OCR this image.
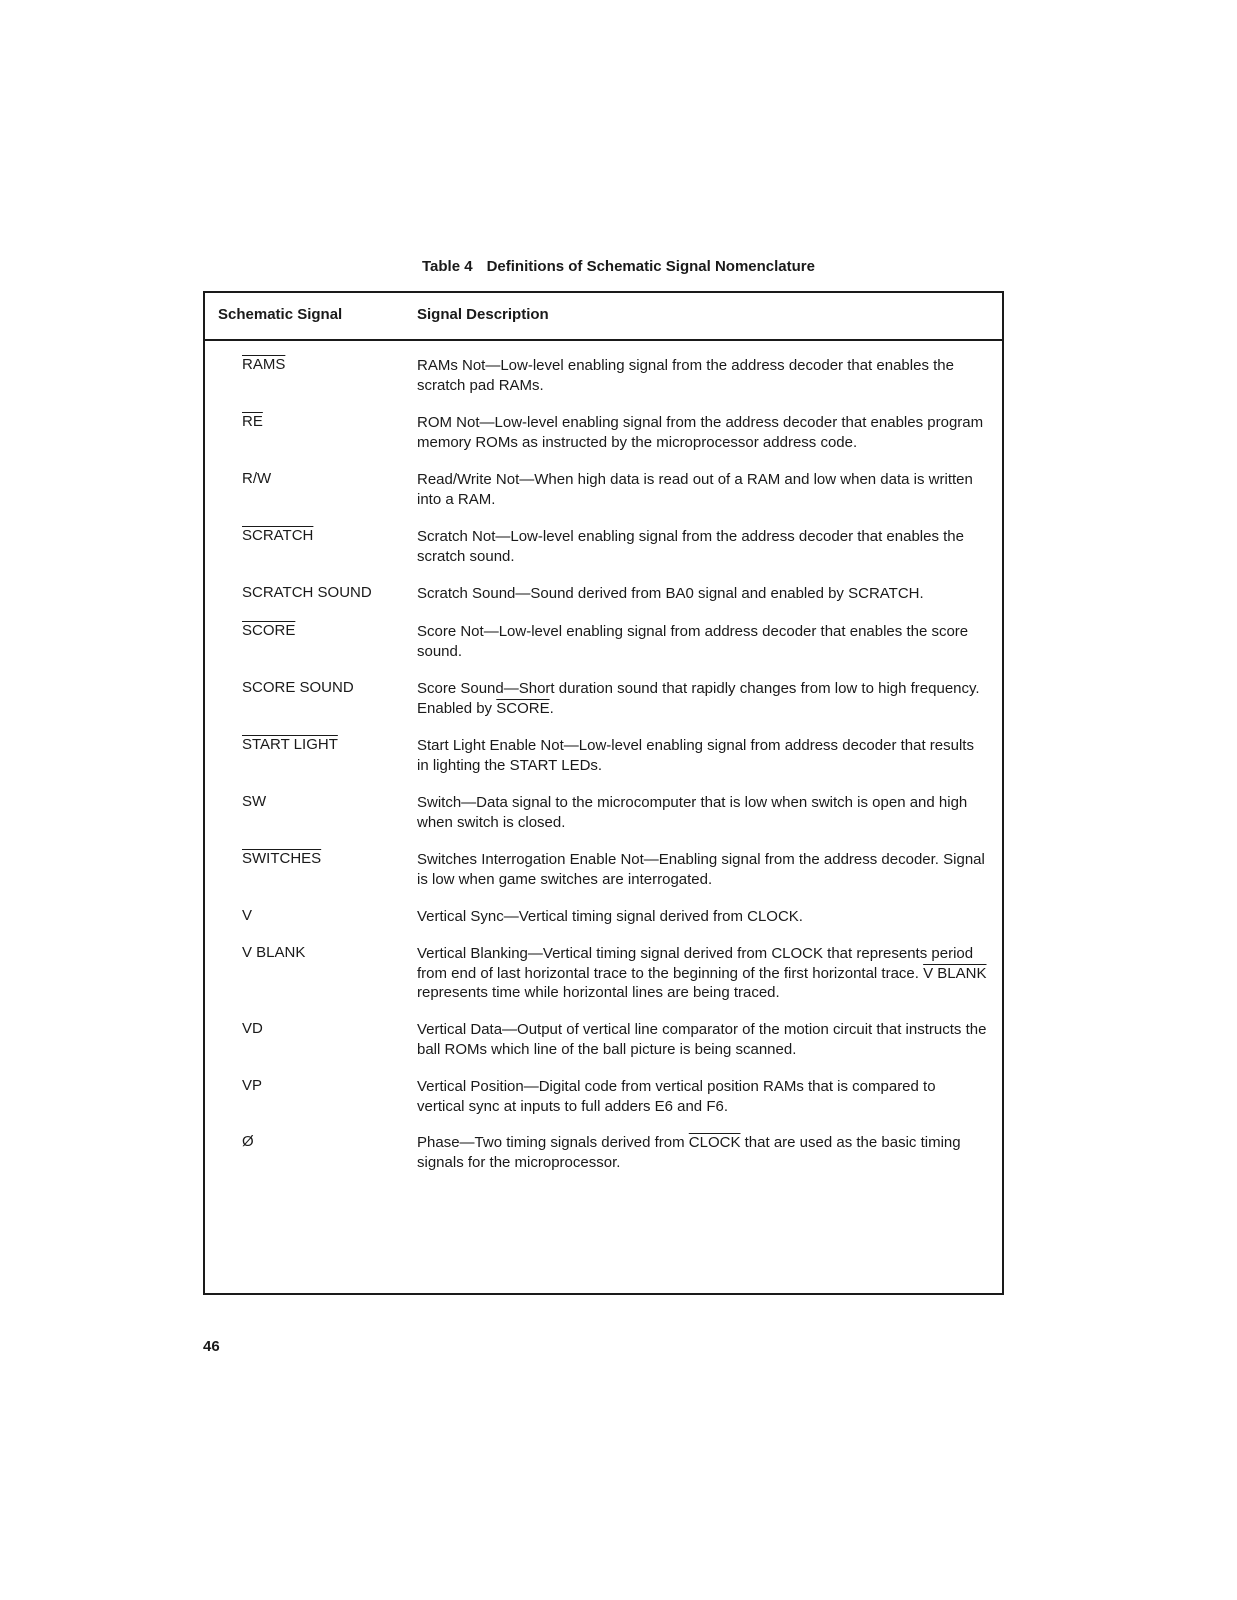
Table 4 Definitions of Schematic Signal Nomenclature
Schematic Signal	Signal Description
RAMS	RAMs Not—Low-level enabling signal from the address decoder that enables the scratch pad RAMs.
$\overline{RE}$	ROM Not—Low-level enabling signal from the address decoder that enables program memory ROMs as instructed by the microprocessor address code.
R/W	Read/Write Not—When high data is read out of a RAM and low when data is written into a RAM.
SCRATCH	Scratch Not—Low-level enabling signal from the address decoder that enables the scratch sound.
SCRATCH SOUND	Scratch Sound—Sound derived from BA0 signal and enabled by SCRATCH.
SCORE	Score Not—Low-level enabling signal from address decoder that enables the score sound.
SCORE SOUND	Score Sound—Short duration sound that rapidly changes from low to high frequency. Enabled by SCORE.
START LIGHT	Start Light Enable Not—Low-level enabling signal from address decoder that results in lighting the START LEDs.
SW	Switch—Data signal to the microcomputer that is low when switch is open and high when switch is closed.
SWITCHES	Switches Interrogation Enable Not—Enabling signal from the address decoder. Signal is low when game switches are interrogated.
V	Vertical Sync—Vertical timing signal derived from CLOCK.
V BLANK	Vertical Blanking—Vertical timing signal derived from CLOCK that represents period from end of last horizontal trace to the beginning of the first horizontal trace. V BLANK represents time while horizontal lines are being traced.
VD	Vertical Data—Output of vertical line comparator of the motion circuit that instructs the ball ROMs which line of the ball picture is being scanned.
VP	Vertical Position—Digital code from vertical position RAMs that is compared to vertical sync at inputs to full adders E6 and F6.
Ø	Phase—Two timing signals derived from CLOCK that are used as the basic timing signals for the microprocessor.
46
